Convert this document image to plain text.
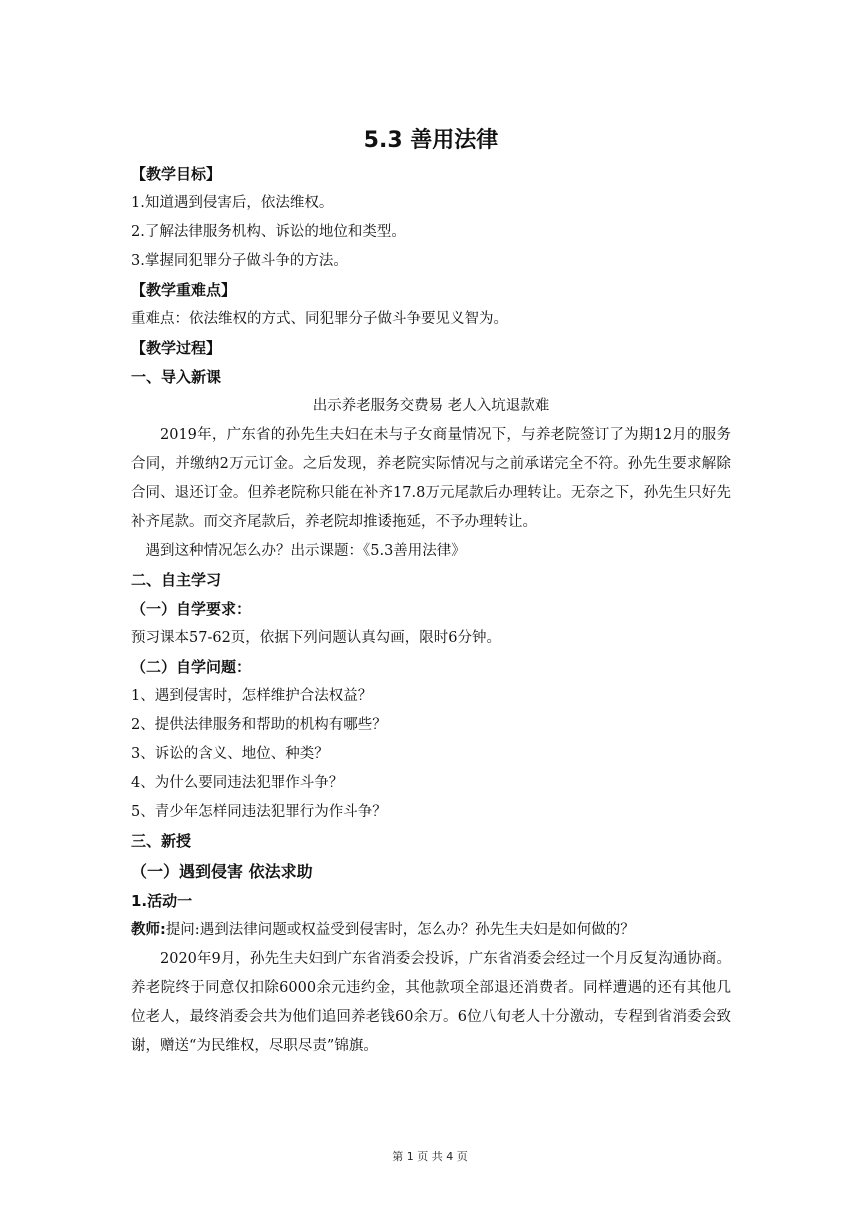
5.3 善用法律
【教学目标】
1.知道遇到侵害后，依法维权。
2.了解法律服务机构、诉讼的地位和类型。
3.掌握同犯罪分子做斗争的方法。
【教学重难点】
重难点：依法维权的方式、同犯罪分子做斗争要见义智为。
【教学过程】
一、导入新课
出示养老服务交费易 老人入坑退款难

2019年，广东省的孙先生夫妇在未与子女商量情况下，与养老院签订了为期12月的服务合同，并缴纳2万元订金。之后发现，养老院实际情况与之前承诺完全不符。孙先生要求解除合同、退还订金。但养老院称只能在补齐17.8万元尾款后办理转让。无奈之下，孙先生只好先补齐尾款。而交齐尾款后，养老院却推诿拖延，不予办理转让。

遇到这种情况怎么办？出示课题：《5.3善用法律》
二、自主学习
（一）自学要求：
预习课本57-62页，依据下列问题认真勾画，限时6分钟。
（二）自学问题：
1、遇到侵害时，怎样维护合法权益？
2、提供法律服务和帮助的机构有哪些？
3、诉讼的含义、地位、种类？
4、为什么要同违法犯罪作斗争？
5、青少年怎样同违法犯罪行为作斗争？
三、新授
（一）遇到侵害 依法求助
1.活动一
教师:提问:遇到法律问题或权益受到侵害时，怎么办？孙先生夫妇是如何做的？

2020年9月，孙先生夫妇到广东省消委会投诉，广东省消委会经过一个月反复沟通协商。养老院终于同意仅扣除6000余元违约金，其他款项全部退还消费者。同样遭遇的还有其他几位老人，最终消委会共为他们追回养老钱60余万。6位八旬老人十分激动，专程到省消委会致谢，赠送“为民维权，尽职尽责”锦旗。

第 1 页 共 4 页
